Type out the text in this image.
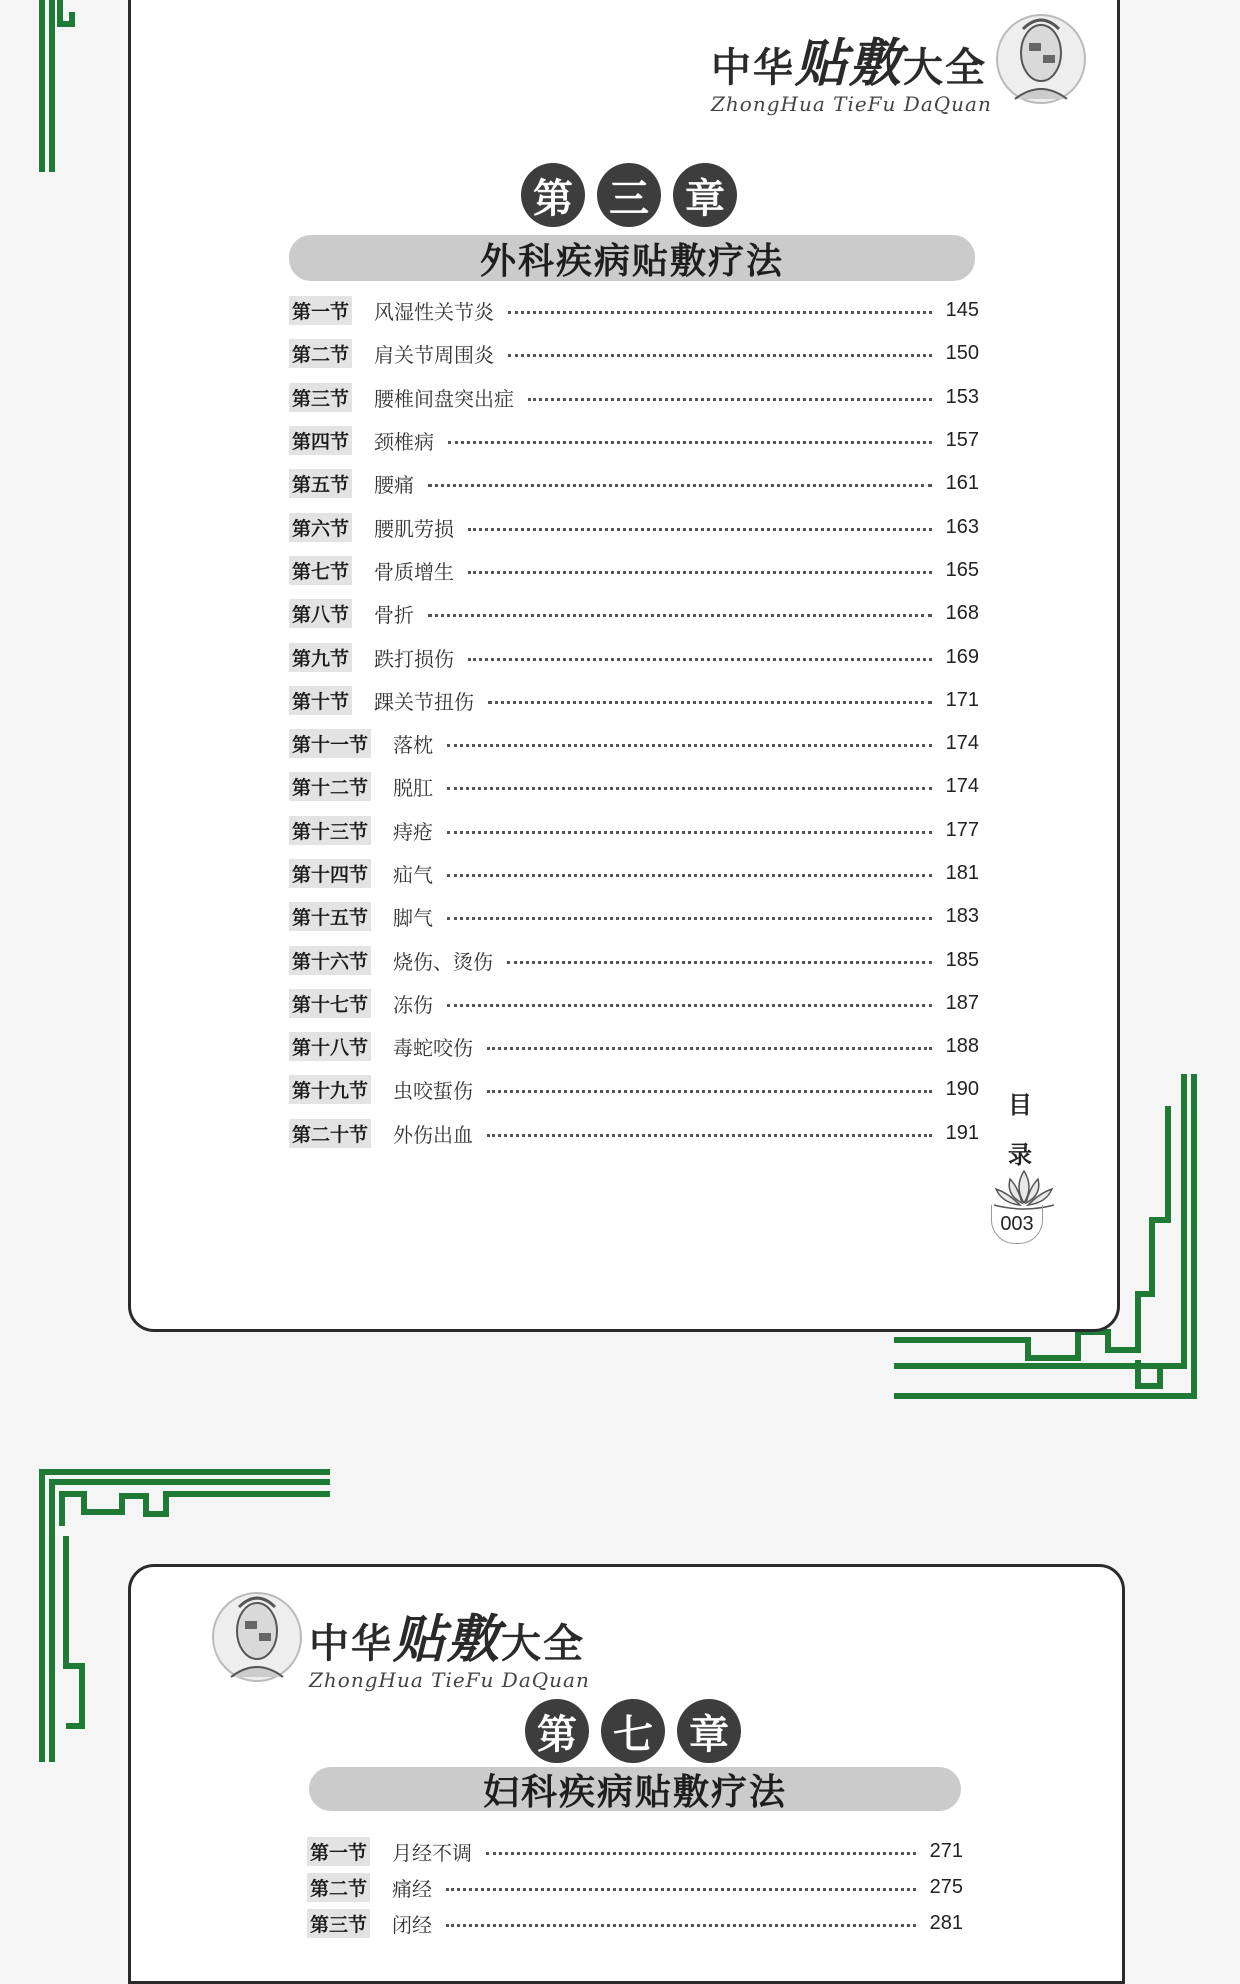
中华贴敷大全
ZhongHua TieFu DaQuan
第 三 章
外科疾病贴敷疗法
第一节 风湿性关节炎	145
第二节 肩关节周围炎	150
第三节 腰椎间盘突出症	153
第四节 颈椎病	157
第五节 腰痛	161
第六节 腰肌劳损	163
第七节 骨质增生	165
第八节 骨折	168
第九节 跌打损伤	169
第十节 踝关节扭伤	171
第十一节 落枕	174
第十二节 脱肛	174
第十三节 痔疮	177
第十四节 疝气	181
第十五节 脚气	183
第十六节 烧伤、烫伤	185
第十七节 冻伤	187
第十八节 毒蛇咬伤	188
第十九节 虫咬蜇伤	190
第二十节 外伤出血	191
目
录
003
中华贴敷大全
ZhongHua TieFu DaQuan
第 七 章
妇科疾病贴敷疗法
第一节 月经不调	271
第二节 痛经	275
第三节 闭经	281
